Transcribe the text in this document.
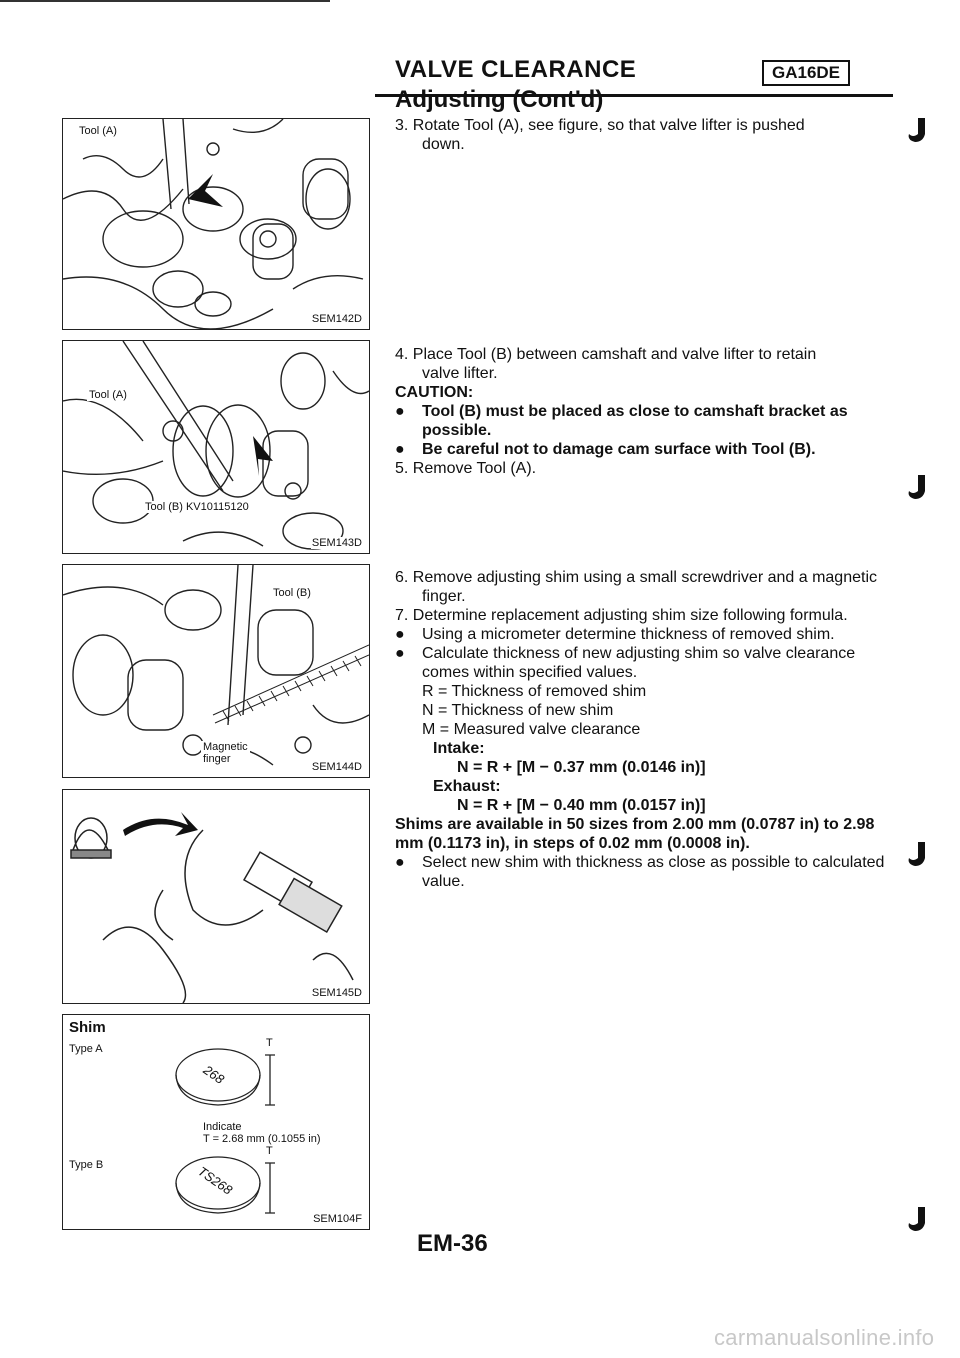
VALVE CLEARANCE	GA16DE
Adjusting (Cont'd)
Tool (A)
SEM142D
Tool (A)
Tool (B) KV10115120
SEM143D
Tool (B)
Magnetic
finger
SEM144D
SEM145D
Shim
Type A	T
268
Indicate
T = 2.68 mm (0.1055 in)
Type B
T
TS268
SEM104F

3. Rotate Tool (A), see figure, so that valve lifter is pushed

down.

4. Place Tool (B) between camshaft and valve lifter to retain

valve lifter.

CAUTION:

● Tool (B) must be placed as close to camshaft bracket as possible.

● Be careful not to damage cam surface with Tool (B).

5. Remove Tool (A).

6. Remove adjusting shim using a small screwdriver and a magnetic finger.

7. Determine replacement adjusting shim size following formula.

● Using a micrometer determine thickness of removed shim.

● Calculate thickness of new adjusting shim so valve clearance comes within specified values.

R = Thickness of removed shim

N = Thickness of new shim

M = Measured valve clearance

Intake:

N = R + [M − 0.37 mm (0.0146 in)]

Exhaust:

N = R + [M − 0.40 mm (0.0157 in)]

Shims are available in 50 sizes from 2.00 mm (0.0787 in) to 2.98 mm (0.1173 in), in steps of 0.02 mm (0.0008 in).

● Select new shim with thickness as close as possible to calculated value.

EM-36
carmanualsonline.info
